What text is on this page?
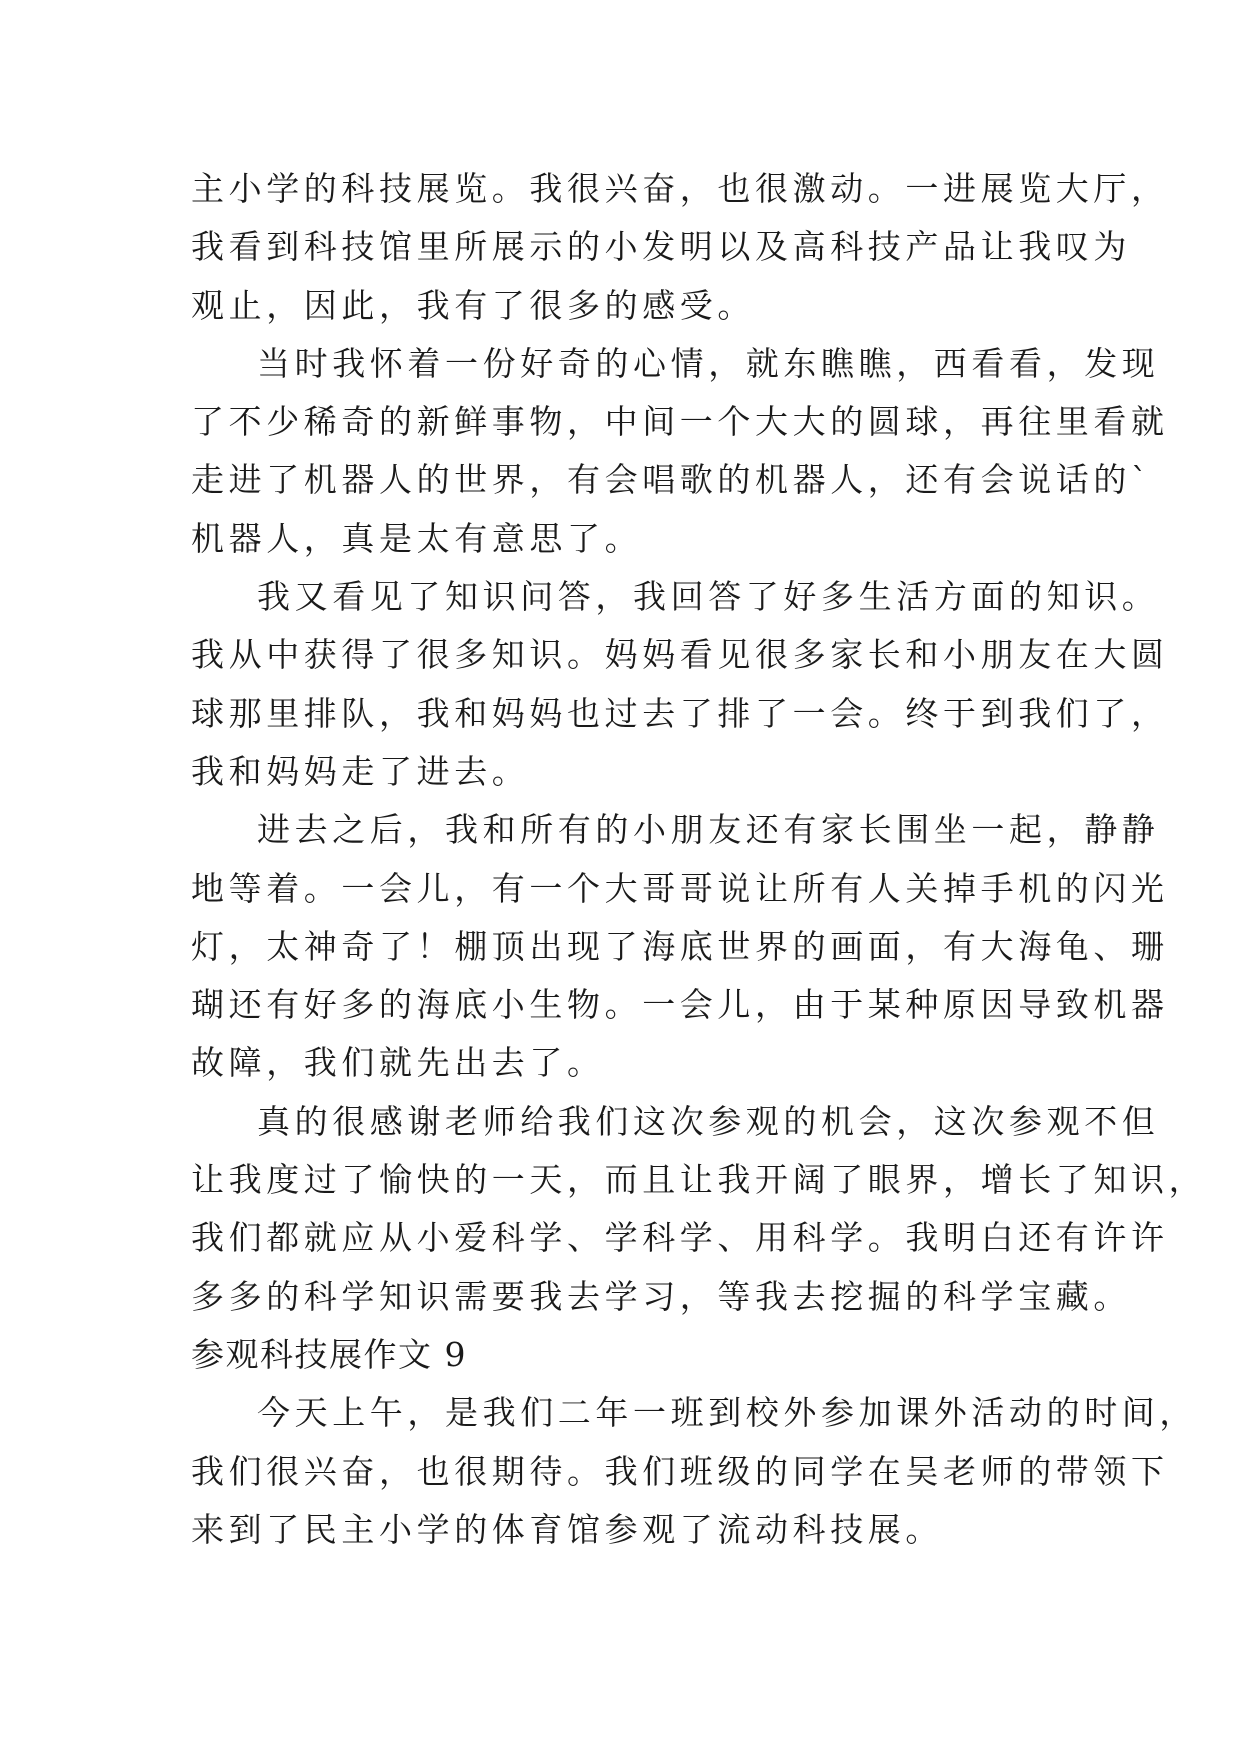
主小学的科技展览。我很兴奋，也很激动。一进展览大厅，
我看到科技馆里所展示的小发明以及高科技产品让我叹为
观止，因此，我有了很多的感受。
当时我怀着一份好奇的心情，就东瞧瞧，西看看，发现
了不少稀奇的新鲜事物，中间一个大大的圆球，再往里看就
走进了机器人的世界，有会唱歌的机器人，还有会说话的`
机器人，真是太有意思了。
我又看见了知识问答，我回答了好多生活方面的知识。
我从中获得了很多知识。妈妈看见很多家长和小朋友在大圆
球那里排队，我和妈妈也过去了排了一会。终于到我们了，
我和妈妈走了进去。
进去之后，我和所有的小朋友还有家长围坐一起，静静
地等着。一会儿，有一个大哥哥说让所有人关掉手机的闪光
灯，太神奇了！棚顶出现了海底世界的画面，有大海龟、珊
瑚还有好多的海底小生物。一会儿，由于某种原因导致机器
故障，我们就先出去了。
真的很感谢老师给我们这次参观的机会，这次参观不但
让我度过了愉快的一天，而且让我开阔了眼界，增长了知识，
我们都就应从小爱科学、学科学、用科学。我明白还有许许
多多的科学知识需要我去学习，等我去挖掘的科学宝藏。
参观科技展作文 9
今天上午，是我们二年一班到校外参加课外活动的时间，
我们很兴奋，也很期待。我们班级的同学在吴老师的带领下
来到了民主小学的体育馆参观了流动科技展。
